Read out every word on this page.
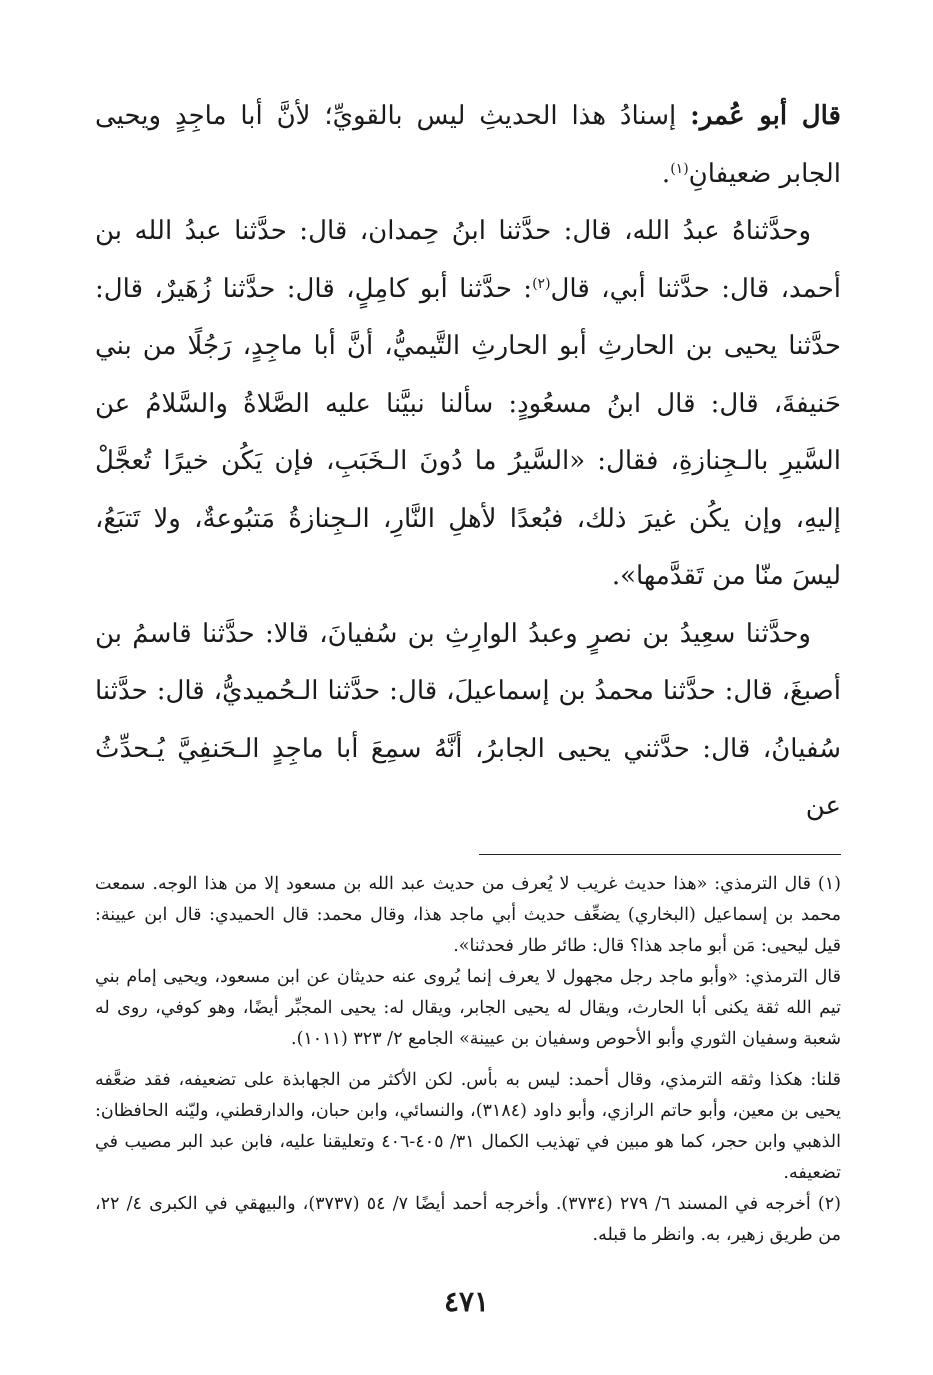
قال أبو عُمر: إسنادُ هذا الحديثِ ليس بالقويِّ؛ لأنَّ أبا ماجِدٍ ويحيى الجابر ضعيفانِ$^{(١)}$.

وحدَّثناهُ عبدُ الله، قال: حدَّثنا ابنُ حِمدان، قال: حدَّثنا عبدُ الله بن أحمد، قال: حدَّثنا أبي، قال$^{(٢)}$: حدَّثنا أبو كامِلٍ، قال: حدَّثنا زُهَيرٌ، قال: حدَّثنا يحيى بن الحارثِ أبو الحارثِ التَّيميُّ، أنَّ أبا ماجِدٍ، رَجُلًا من بني حَنيفةَ، قال: قال ابنُ مسعُودٍ: سألنا نبيَّنا عليه الصَّلاةُ والسَّلامُ عن السَّيرِ بالـجِنازةِ، فقال: «السَّيرُ ما دُونَ الـخَبَبِ، فإن يَكُن خيرًا تُعجَّلْ إليهِ، وإن يكُن غيرَ ذلك، فبُعدًا لأهلِ النَّارِ، الـجِنازةُ مَتبُوعةٌ، ولا تَتبَعُ، ليسَ منّا من تَقدَّمها».

وحدَّثنا سعِيدُ بن نصرٍ وعبدُ الوارِثِ بن سُفيانَ، قالا: حدَّثنا قاسمُ بن أصبغَ، قال: حدَّثنا محمدُ بن إسماعيلَ، قال: حدَّثنا الـحُميديُّ، قال: حدَّثنا سُفيانُ، قال: حدَّثني يحيى الجابرُ، أنَّهُ سمِعَ أبا ماجِدٍ الـحَنفِيَّ يُـحدِّثُ عن

(١) قال الترمذي: «هذا حديث غريب لا يُعرف من حديث عبد الله بن مسعود إلا من هذا الوجه. سمعت محمد بن إسماعيل (البخاري) يضعِّف حديث أبي ماجد هذا، وقال محمد: قال الحميدي: قال ابن عيينة: قيل ليحيى: مَن أبو ماجد هذا؟ قال: طائر طار فحدثنا».

قال الترمذي: «وأبو ماجد رجل مجهول لا يعرف إنما يُروى عنه حديثان عن ابن مسعود، ويحيى إمام بني تيم الله ثقة يكنى أبا الحارث، ويقال له يحيى الجابر، ويقال له: يحيى المجبِّر أيضًا، وهو كوفي، روى له شعبة وسفيان الثوري وأبو الأحوص وسفيان بن عيينة» الجامع ٢/ ٣٢٣ (١٠١١).

قلنا: هكذا وثقه الترمذي، وقال أحمد: ليس به بأس. لكن الأكثر من الجهابذة على تضعيفه، فقد ضعَّفه يحيى بن معين، وأبو حاتم الرازي، وأبو داود (٣١٨٤)، والنسائي، وابن حبان، والدارقطني، وليّنه الحافظان: الذهبي وابن حجر، كما هو مبين في تهذيب الكمال ٣١/ ٤٠٥-٤٠٦ وتعليقنا عليه، فابن عبد البر مصيب في تضعيفه.

(٢) أخرجه في المسند ٦/ ٢٧٩ (٣٧٣٤). وأخرجه أحمد أيضًا ٧/ ٥٤ (٣٧٣٧)، والبيهقي في الكبرى ٤/ ٢٢، من طريق زهير، به. وانظر ما قبله.

٤٧١
